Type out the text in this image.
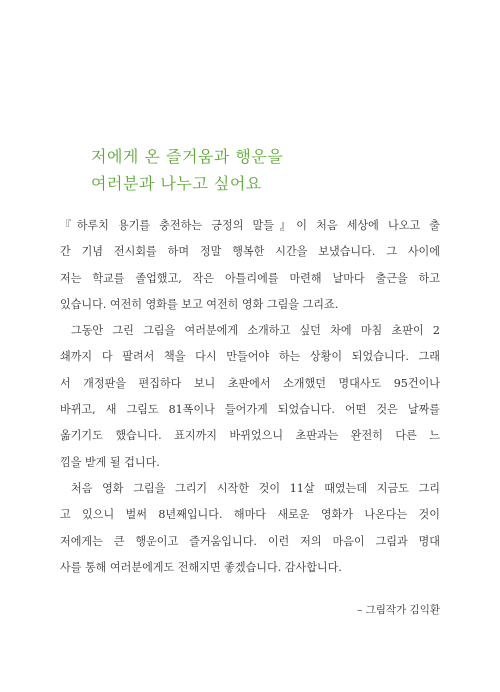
저에게 온 즐거움과 행운을
여러분과 나누고 싶어요

『하루치 용기를 충전하는 긍정의 말들』이 처음 세상에 나오고 출
간 기념 전시회를 하며 정말 행복한 시간을 보냈습니다. 그 사이에
저는 학교를 졸업했고, 작은 아틀리에를 마련해 날마다 출근을 하고
있습니다. 여전히 영화를 보고 여전히 영화 그림을 그리죠.

그동안 그린 그림을 여러분에게 소개하고 싶던 차에 마침 초판이 2
쇄까지 다 팔려서 책을 다시 만들어야 하는 상황이 되었습니다. 그래
서 개정판을 편집하다 보니 초판에서 소개했던 명대사도 95건이나
바뀌고, 새 그림도 81폭이나 들어가게 되었습니다. 어떤 것은 날짜를
옮기기도 했습니다. 표지까지 바뀌었으니 초판과는 완전히 다른 느
낌을 받게 될 겁니다.

처음 영화 그림을 그리기 시작한 것이 11살 때였는데 지금도 그리
고 있으니 벌써 8년째입니다. 해마다 새로운 영화가 나온다는 것이
저에게는 큰 행운이고 즐거움입니다. 이런 저의 마음이 그림과 명대
사를 통해 여러분에게도 전해지면 좋겠습니다. 감사합니다.

– 그림작가 김익환
